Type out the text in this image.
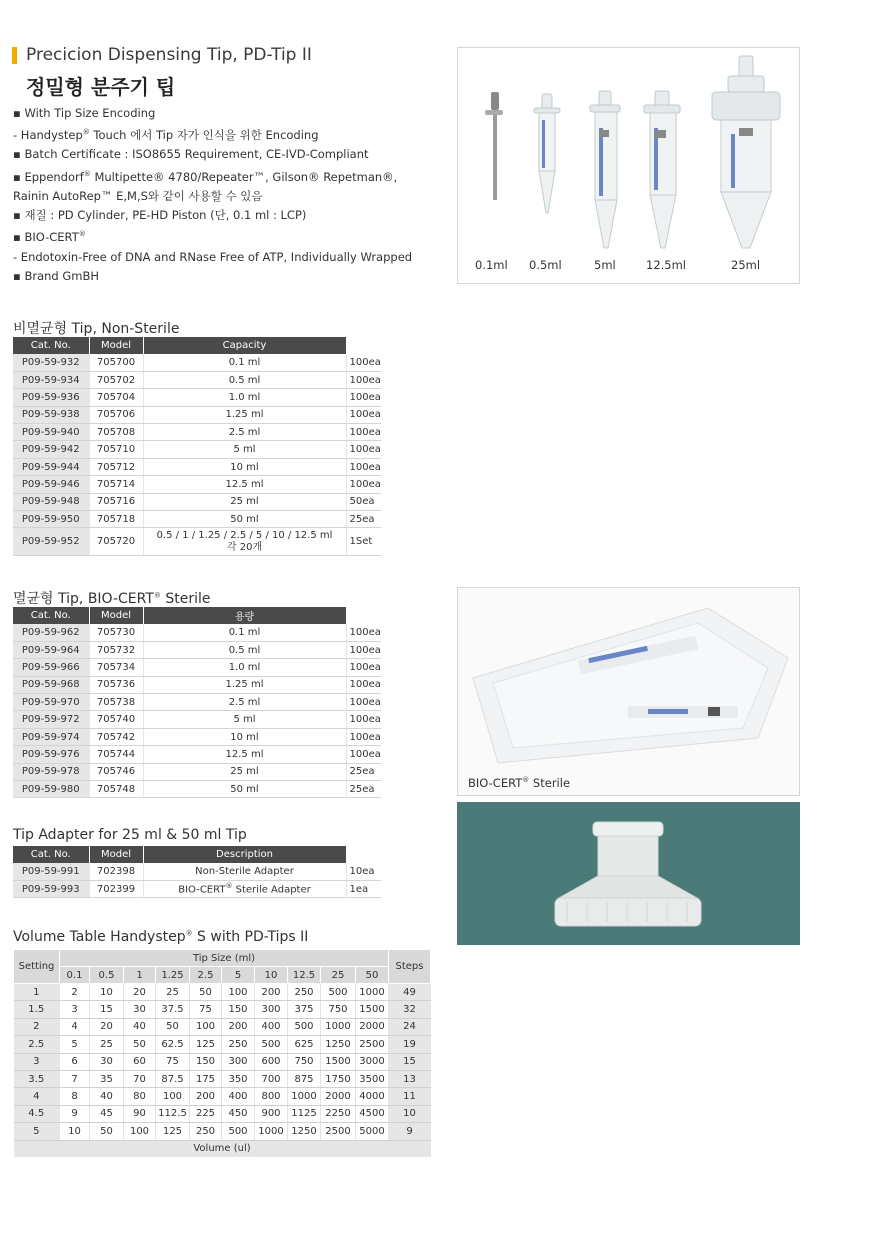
Precicion Dispensing Tip, PD-Tip II
정밀형 분주기 팁
▪ With Tip Size Encoding
- Handystep® Touch 에서 Tip 자가 인식을 위한 Encoding
▪ Batch Certificate : ISO8655 Requirement, CE-IVD-Compliant
▪ Eppendorf® Multipette® 4780/Repeater™, Gilson® Repetman®,
Rainin AutoRep™ E,M,S와 같이 사용할 수 있음
▪ 재질 : PD Cylinder, PE-HD Piston (단, 0.1 ml : LCP)
▪ BIO-CERT®
- Endotoxin-Free of DNA and RNase Free of ATP, Individually Wrapped
▪ Brand GmBH
0.1ml 0.5ml	5ml	12.5ml	25ml
비멸균형 Tip, Non-Sterile
Cat. No.	Model	Capacity	
P09-59-932	705700	0.1 ml	100ea
P09-59-934	705702	0.5 ml	100ea
P09-59-936	705704	1.0 ml	100ea
P09-59-938	705706	1.25 ml	100ea
P09-59-940	705708	2.5 ml	100ea
P09-59-942	705710	5 ml	100ea
P09-59-944	705712	10 ml	100ea
P09-59-946	705714	12.5 ml	100ea
P09-59-948	705716	25 ml	50ea
P09-59-950	705718	50 ml	25ea
P09-59-952	705720	0.5 / 1 / 1.25 / 2.5 / 5 / 10 / 12.5 ml
각 20개	1Set
멸균형 Tip, BIO-CERT® Sterile
Cat. No.	Model	용량	
P09-59-962	705730	0.1 ml	100ea
P09-59-964	705732	0.5 ml	100ea
P09-59-966	705734	1.0 ml	100ea
P09-59-968	705736	1.25 ml	100ea
P09-59-970	705738	2.5 ml	100ea
P09-59-972	705740	5 ml	100ea
P09-59-974	705742	10 ml	100ea
P09-59-976	705744	12.5 ml	100ea
P09-59-978	705746	25 ml	25ea
P09-59-980	705748	50 ml	25ea	BIO-CERT® Sterile
Tip Adapter for 25 ml & 50 ml Tip
Cat. No.	Model	Description	
P09-59-991	702398	Non-Sterile Adapter	10ea
P09-59-993	702399	BIO-CERT® Sterile Adapter	1ea
Volume Table Handystep® S with PD-Tips II
Setting	Tip Size (ml)										Steps
	0.1	0.5	1	1.25	2.5	5	10	12.5	25	50	
1	2	10	20	25	50	100	200	250	500	1000	49
1.5	3	15	30	37.5	75	150	300	375	750	1500	32
2	4	20	40	50	100	200	400	500	1000	2000	24
2.5	5	25	50	62.5	125	250	500	625	1250	2500	19
3	6	30	60	75	150	300	600	750	1500	3000	15
3.5	7	35	70	87.5	175	350	700	875	1750	3500	13
4	8	40	80	100	200	400	800	1000	2000	4000	11
4.5	9	45	90	112.5	225	450	900	1125	2250	4500	10
5	10	50	100	125	250	500	1000	1250	2500	5000	9
Volume (ul)											
